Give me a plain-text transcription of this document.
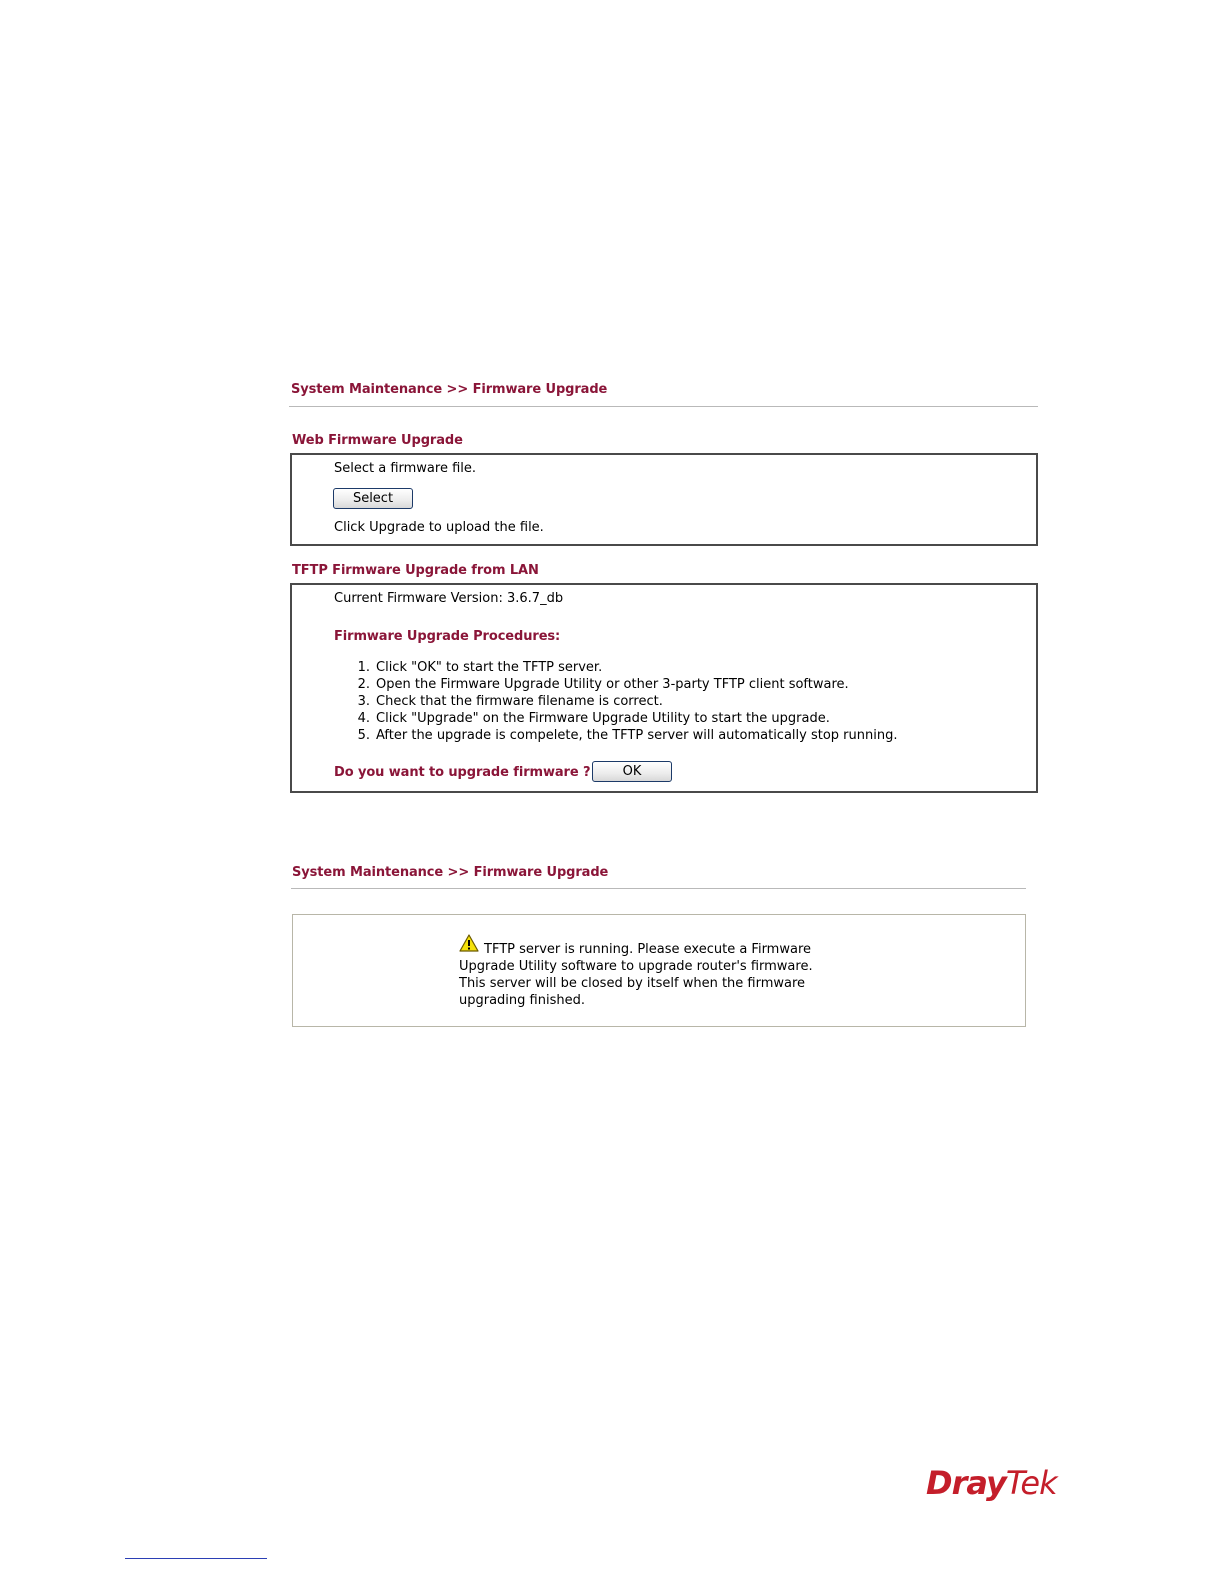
System Maintenance >> Firmware Upgrade
Web Firmware Upgrade
Select a firmware file.
Select
Click Upgrade to upload the file.
TFTP Firmware Upgrade from LAN
Current Firmware Version: 3.6.7_db
Firmware Upgrade Procedures:
1. Click "OK" to start the TFTP server.
2. Open the Firmware Upgrade Utility or other 3-party TFTP client software.
3. Check that the firmware filename is correct.
4. Click "Upgrade" on the Firmware Upgrade Utility to start the upgrade.
5. After the upgrade is compelete, the TFTP server will automatically stop running.
Do you want to upgrade firmware ?	OK
System Maintenance >> Firmware Upgrade
TFTP server is running. Please execute a Firmware
Upgrade Utility software to upgrade router's firmware.
This server will be closed by itself when the firmware
upgrading finished.
DrayTek
